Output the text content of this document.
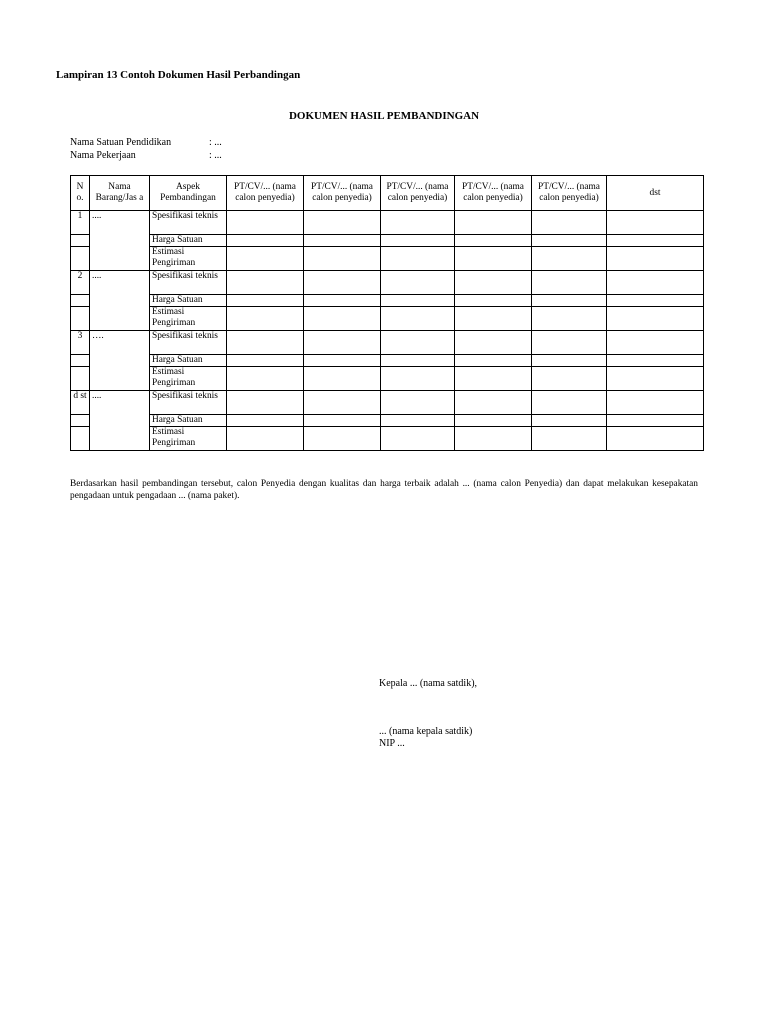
Lampiran 13 Contoh Dokumen Hasil Perbandingan
DOKUMEN HASIL PEMBANDINGAN
Nama Satuan Pendidikan	: ...
Nama Pekerjaan	: ...
N o.	Nama Barang/Jas a	Aspek Pembandingan	PT/CV/... (nama calon penyedia)	PT/CV/... (nama calon penyedia)	PT/CV/... (nama calon penyedia)	PT/CV/... (nama calon penyedia)	PT/CV/... (nama calon penyedia)	dst
1	....	Spesifikasi teknis						
		Harga Satuan						
		Estimasi Pengiriman						
2	....	Spesifikasi teknis						
		Harga Satuan						
		Estimasi Pengiriman						
3	….	Spesifikasi teknis						
		Harga Satuan						
		Estimasi Pengiriman						
d st	....	Spesifikasi teknis						
		Harga Satuan						
		Estimasi Pengiriman						
Berdasarkan hasil pembandingan tersebut, calon Penyedia dengan kualitas dan harga terbaik adalah ... (nama calon Penyedia) dan dapat melakukan kesepakatan pengadaan untuk pengadaan ... (nama paket).
Kepala ... (nama satdik),
... (nama kepala satdik)
NIP ...
